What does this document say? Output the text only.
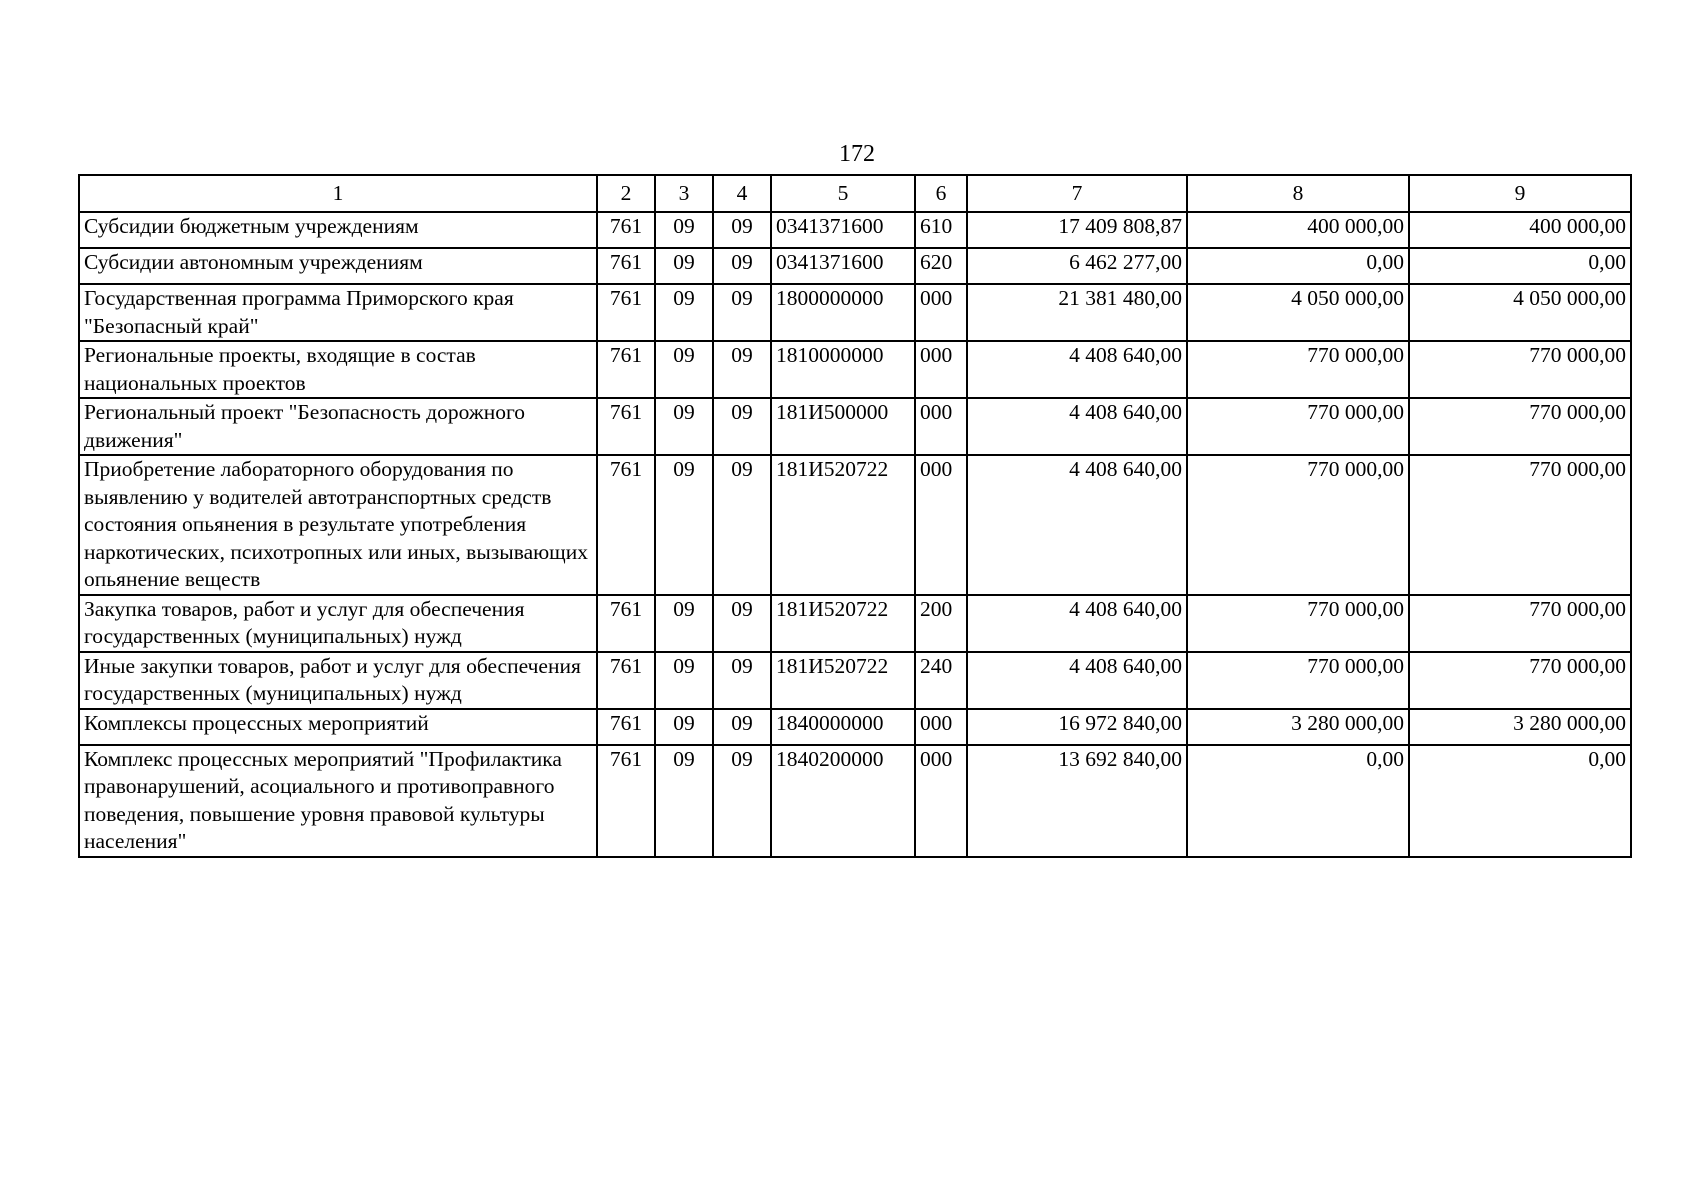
172
1	2	3	4	5	6	7	8	9
Субсидии бюджетным учреждениям	761	09	09	0341371600	610	17 409 808,87	400 000,00	400 000,00
Субсидии автономным учреждениям	761	09	09	0341371600	620	6 462 277,00	0,00	0,00
Государственная программа Приморского края "Безопасный край"	761	09	09	1800000000	000	21 381 480,00	4 050 000,00	4 050 000,00
Региональные проекты, входящие в состав национальных проектов	761	09	09	1810000000	000	4 408 640,00	770 000,00	770 000,00
Региональный проект "Безопасность дорожного движения"	761	09	09	181И500000	000	4 408 640,00	770 000,00	770 000,00
Приобретение лабораторного оборудования по выявлению у водителей автотранспортных средств состояния опьянения в результате употребления наркотических, психотропных или иных, вызывающих опьянение веществ	761	09	09	181И520722	000	4 408 640,00	770 000,00	770 000,00
Закупка товаров, работ и услуг для обеспечения государственных (муниципальных) нужд	761	09	09	181И520722	200	4 408 640,00	770 000,00	770 000,00
Иные закупки товаров, работ и услуг для обеспечения государственных (муниципальных) нужд	761	09	09	181И520722	240	4 408 640,00	770 000,00	770 000,00
Комплексы процессных мероприятий	761	09	09	1840000000	000	16 972 840,00	3 280 000,00	3 280 000,00
Комплекс процессных мероприятий "Профилактика правонарушений, асоциального и противоправного поведения, повышение уровня правовой культуры населения"	761	09	09	1840200000	000	13 692 840,00	0,00	0,00
